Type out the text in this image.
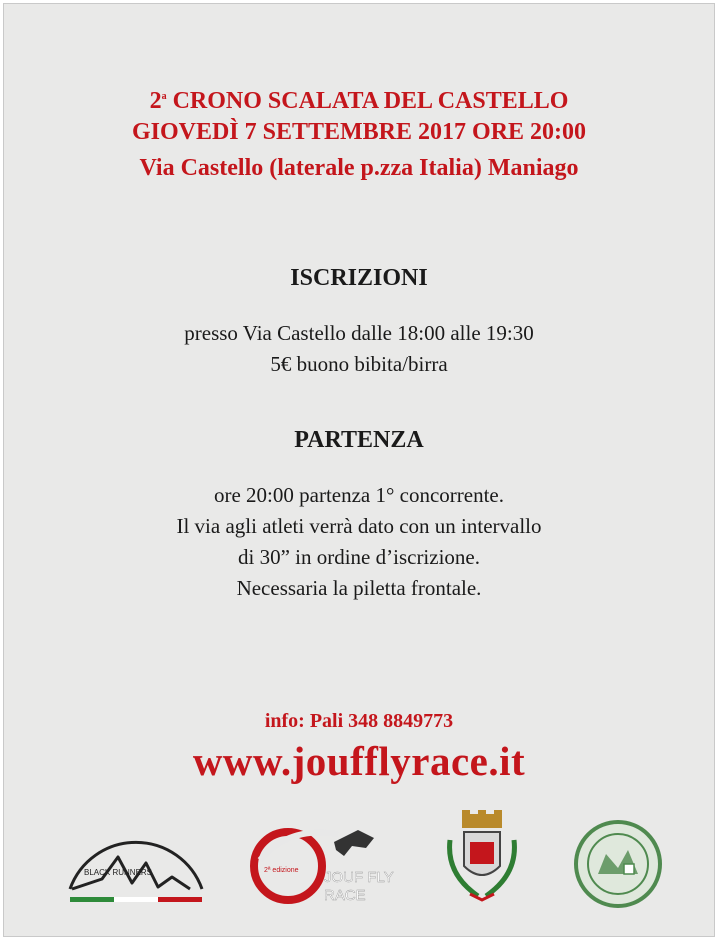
2$^a$ CRONO SCALATA DEL CASTELLO
GIOVEDÌ 7 SETTEMBRE 2017 ORE 20:00
Via Castello (laterale p.zza Italia) Maniago
ISCRIZIONI
presso Via Castello dalle 18:00 alle 19:30
5€ buono bibita/birra
PARTENZA
ore 20:00 partenza 1° concorrente.
Il via agli atleti verrà dato con un intervallo
di 30” in ordine d’iscrizione.
Necessaria la piletta frontale.
info: Pali 348 8849773
www.joufflyrace.it
BLACK RUNNERS	2ª edizione JOUF FLY
RACE
